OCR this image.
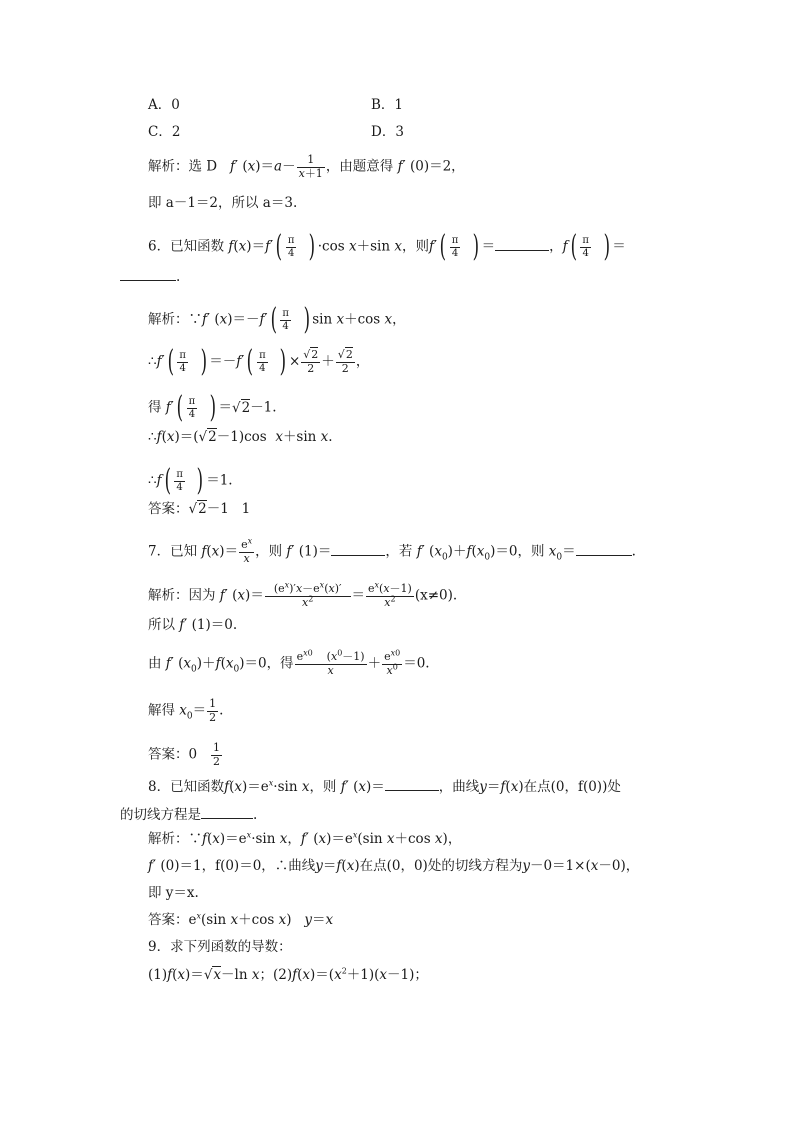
A．0	B．1
C．2	D．3
解析：选 D f′ $(x)=a- \frac{1}{x+1}$ ，由题意得 f′ (0)＝2，
即 a－1＝2，所以 a＝3.
6．已知函数 $f(x)=f'( \frac{\pi}{4}$ ) ·cos x＋sin x，则$f'( \frac{\pi}{4}$ ) ＝	，$f( \frac{\pi}{4}$ ) ＝
.
解析：∵f′ $(x)=-f'( \frac{\pi}{4}$ ) sin x＋cos x，
∴f′( $\frac{\pi}{4}$ ) $=-f'( \frac{\pi}{4}$ ) × $\frac{√2}{2} + \frac{√2}{2}$ ，
得 $f'( \frac{\pi}{4}$ ) ＝√2－1.
∴f(x)＝(√2－1)cos  x＋sin x.
∴f( $\frac{\pi}{4}$ ) ＝1.
答案：√2－1 1
7．已知 $f(x)= \frac{e^x}{x}$ ，则 f′ (1)＝	，若 f′ $(x_0)+f(x_0)=0$，则 $x_0=$	.
解析：因为 f′ $(x)= \frac{(e^x)'x-e^x(x)'}{x^2} = \frac{e^x(x-1)}{x^2} (x\ne 0)$.
所以 f′ (1)＝0.
由 f′ $(x_0)+f(x_0)=0$，得 $\frac{e^{x0} (x^0-1)}{x} + \frac{e^{x0}}{x^0} =0$.
解得 $x_0= \frac{1}{2}$ .
答案：$0 \frac{1}{2}$
8．已知函数$f(x)=e^x\cdot\sin$ x，则 f′ (x)＝	，曲线y＝f(x)在点(0，f(0))处
的切线方程是	.
解析：$\because f(x)=e^x\cdot\sin$ x，f′ $(x)=e^x(\sin$ x＋cos x)，
f′ (0)＝1，f(0)＝0，∴曲线y＝f(x)在点(0，0)处的切线方程为y－0＝1×(x－0)，
即 y＝x.
答案：$e^x(\sin$ x＋cos x)   y＝x
9．求下列函数的导数：
(1)f(x)＝√x－ln x；$(2)f(x)=(x^2+1)(x-1)$；
